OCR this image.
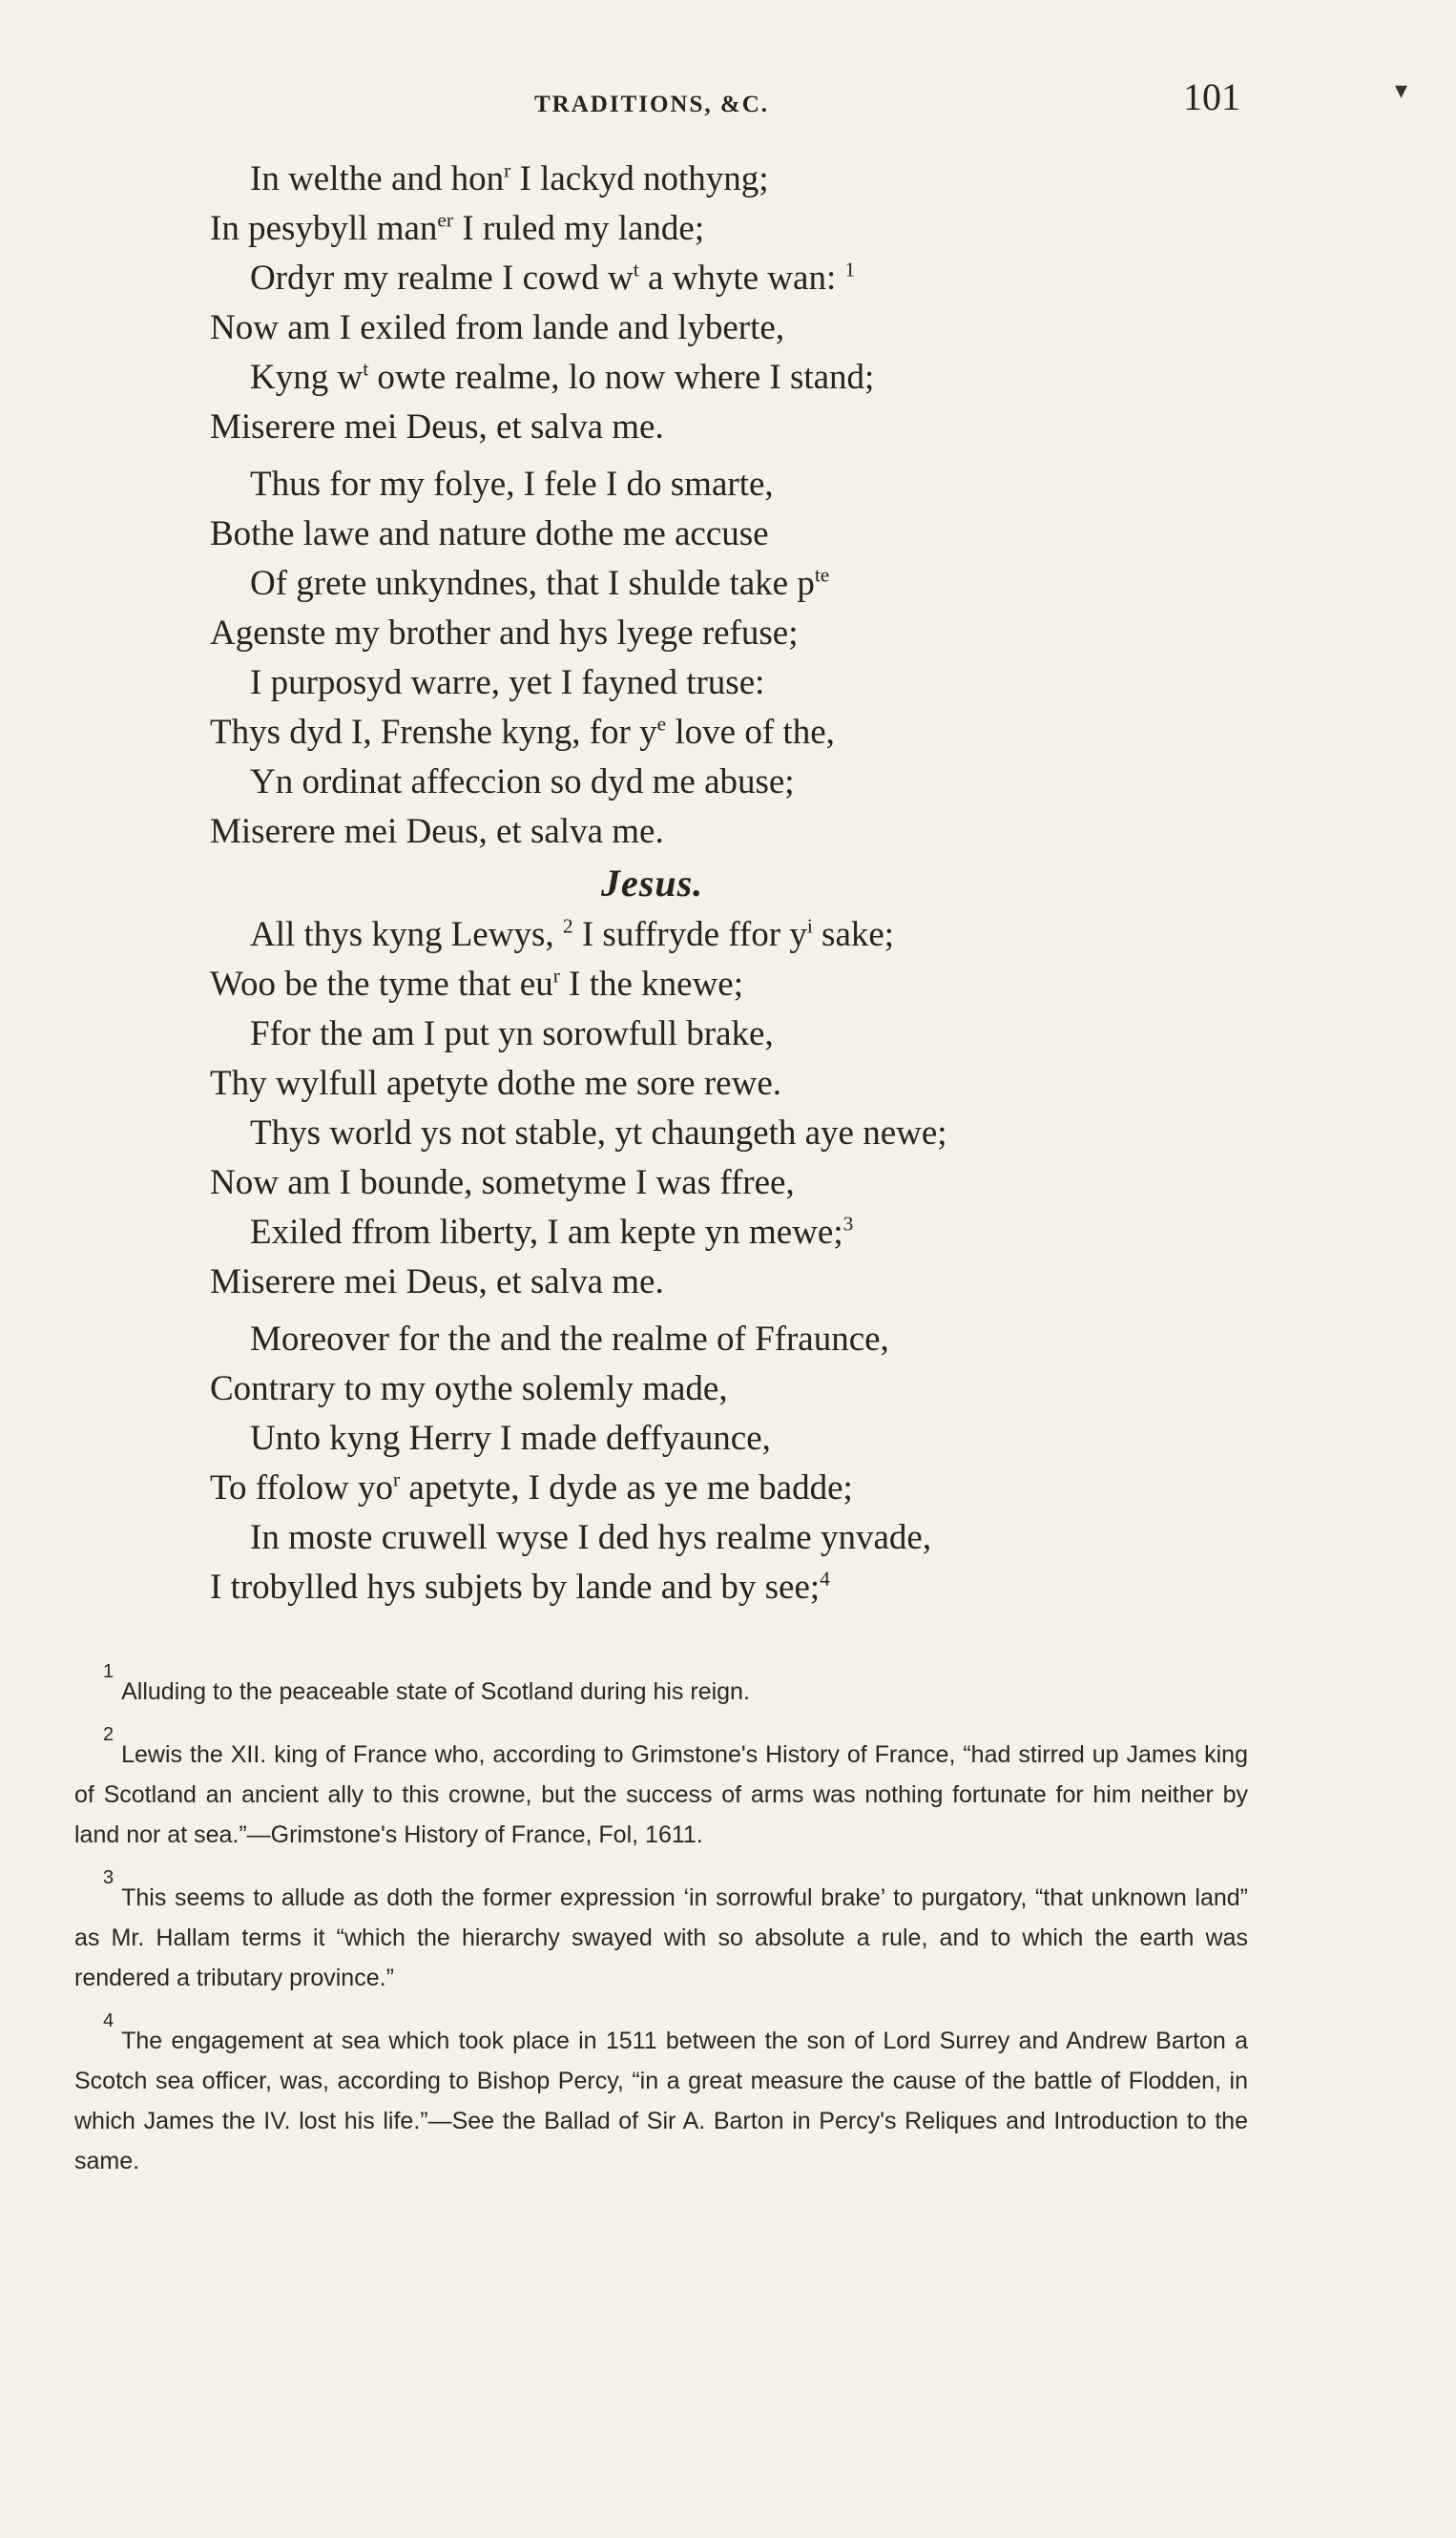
TRADITIONS, &C.	101	▾
In welthe and hon$^r$ I lackyd nothyng;
In pesybyll man$^{er}$ I ruled my lande;
Ordyr my realme I cowd $w^t$ a whyte wan: $^1$
Now am I exiled from lande and lyberte,
Kyng $w^t$ owte realme, lo now where I stand;
Miserere mei Deus, et salva me.
Thus for my folye, I fele I do smarte,
Bothe lawe and nature dothe me accuse
Of grete unkyndnes, that I shulde take $p^{te}$
Agenste my brother and hys lyege refuse;
I purposyd warre, yet I fayned truse:
Thys dyd I, Frenshe kyng, for $y^e$ love of the,
Yn ordinat affeccion so dyd me abuse;
Miserere mei Deus, et salva me.
Jesus.
All thys kyng Lewys, $^2$ I suffryde ffor $y^i$ sake;
Woo be the tyme that $eu^r$ I the knewe;
Ffor the am I put yn sorowfull brake,
Thy wylfull apetyte dothe me sore rewe.
Thys world ys not stable, yt chaungeth aye newe;
Now am I bounde, sometyme I was ffree,
Exiled ffrom liberty, I am kepte yn mewe;$^3$
Miserere mei Deus, et salva me.
Moreover for the and the realme of Ffraunce,
Contrary to my oythe solemly made,
Unto kyng Herry I made deffyaunce,
To ffolow $yo^r$ apetyte, I dyde as ye me badde;
In moste cruwell wyse I ded hys realme ynvade,
I trobylled hys subjets by lande and by see;$^4$
$^1$Alluding to the peaceable state of Scotland during his reign.
$^2$Lewis the XII. king of France who, according to Grimstone's History of France, “had stirred up James king of Scotland an ancient ally to this crowne, but the success of arms was nothing fortunate for him neither by land nor at sea.”—Grimstone's History of France, Fol, 1611.
$^3$This seems to allude as doth the former expression ‘in sorrowful brake’ to purgatory, “that unknown land” as Mr. Hallam terms it “which the hierarchy swayed with so absolute a rule, and to which the earth was rendered a tributary province.”
$^4$The engagement at sea which took place in 1511 between the son of Lord Surrey and Andrew Barton a Scotch sea officer, was, according to Bishop Percy, “in a great measure the cause of the battle of Flodden, in which James the IV. lost his life.”—See the Ballad of Sir A. Barton in Percy's Reliques and Introduction to the same.
